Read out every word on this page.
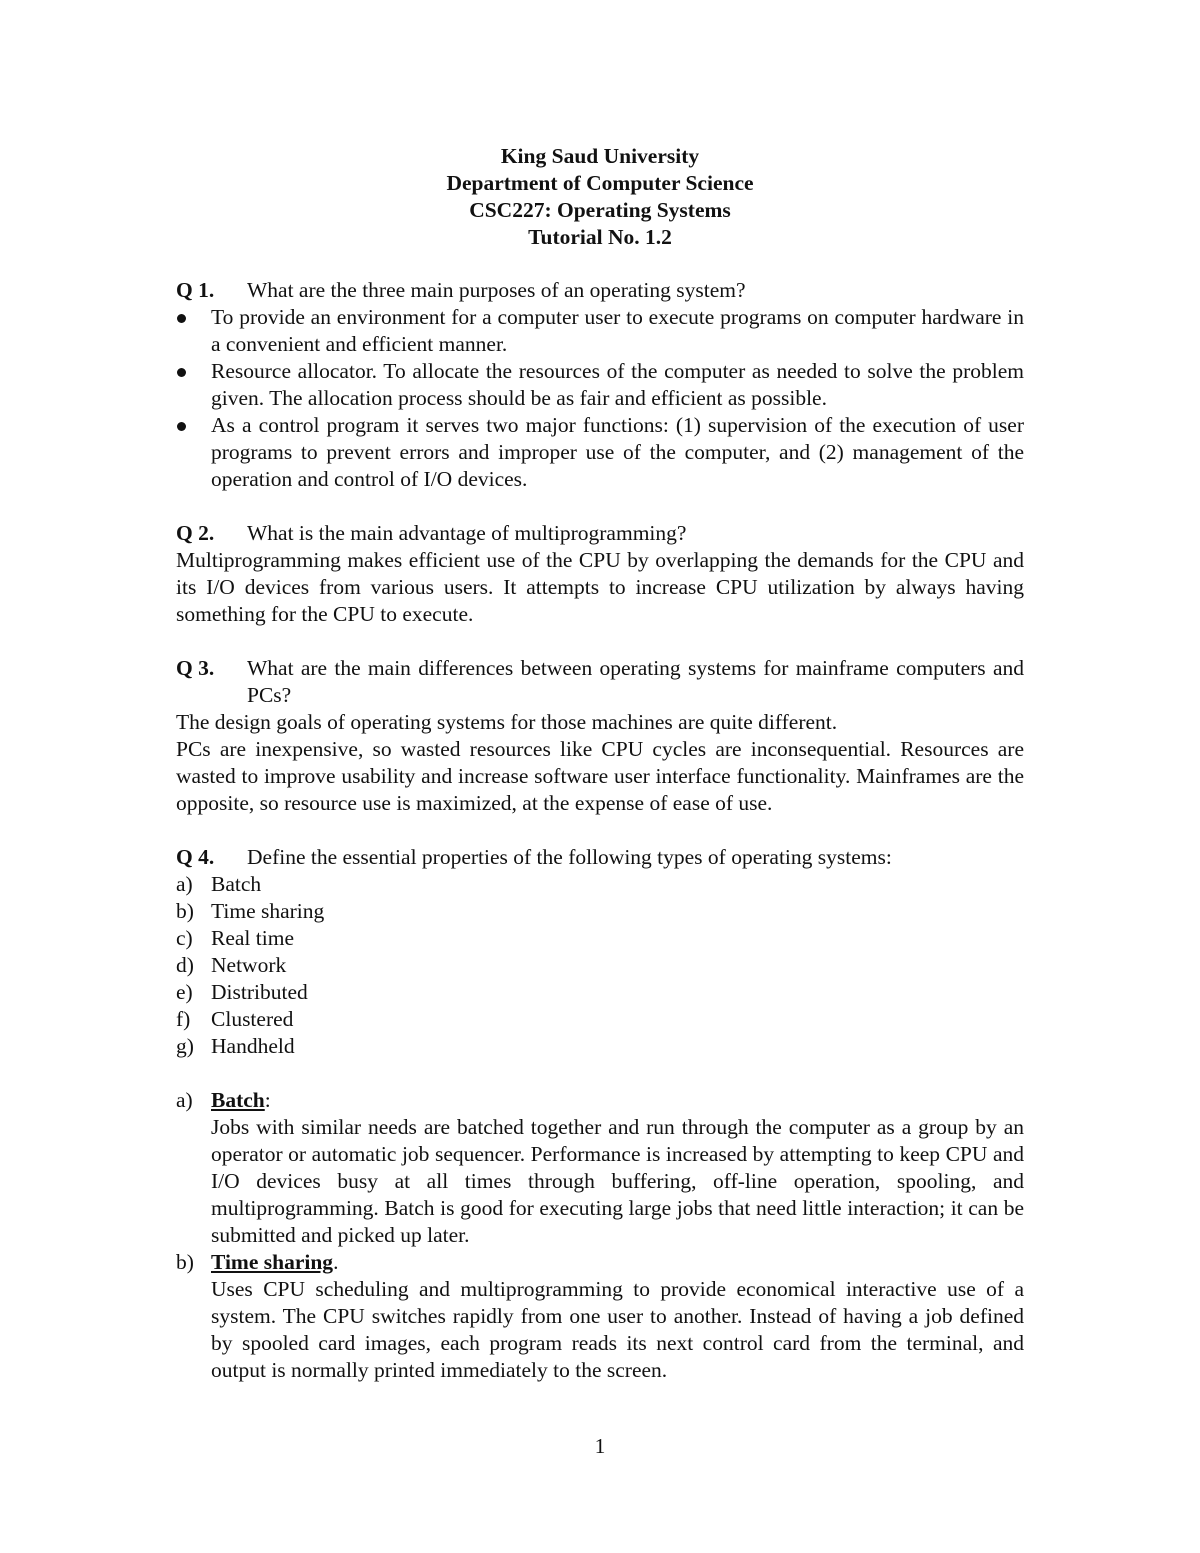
King Saud University
Department of Computer Science
CSC227: Operating Systems
Tutorial No. 1.2
Q 1.	What are the three main purposes of an operating system?
To provide an environment for a computer user to execute programs on computer hardware in a convenient and efficient manner.
Resource allocator. To allocate the resources of the computer as needed to solve the problem given. The allocation process should be as fair and efficient as possible.
As a control program it serves two major functions: (1) supervision of the execution of user programs to prevent errors and improper use of the computer, and (2) management of the operation and control of I/O devices.
Q 2.	What is the main advantage of multiprogramming?
Multiprogramming makes efficient use of the CPU by overlapping the demands for the CPU and its I/O devices from various users. It attempts to increase CPU utilization by always having something for the CPU to execute.
Q 3.	What are the main differences between operating systems for mainframe computers and PCs?
The design goals of operating systems for those machines are quite different.
PCs are inexpensive, so wasted resources like CPU cycles are inconsequential. Resources are wasted to improve usability and increase software user interface functionality. Mainframes are the opposite, so resource use is maximized, at the expense of ease of use.
Q 4.	Define the essential properties of the following types of operating systems:
a) Batch
b) Time sharing
c) Real time
d) Network
e) Distributed
f) Clustered
g) Handheld
a) Batch:
Jobs with similar needs are batched together and run through the computer as a group by an operator or automatic job sequencer. Performance is increased by attempting to keep CPU and I/O devices busy at all times through buffering, off-line operation, spooling, and multiprogramming. Batch is good for executing large jobs that need little interaction; it can be submitted and picked up later.
b) Time sharing.
Uses CPU scheduling and multiprogramming to provide economical interactive use of a system. The CPU switches rapidly from one user to another. Instead of having a job defined by spooled card images, each program reads its next control card from the terminal, and output is normally printed immediately to the screen.
1
